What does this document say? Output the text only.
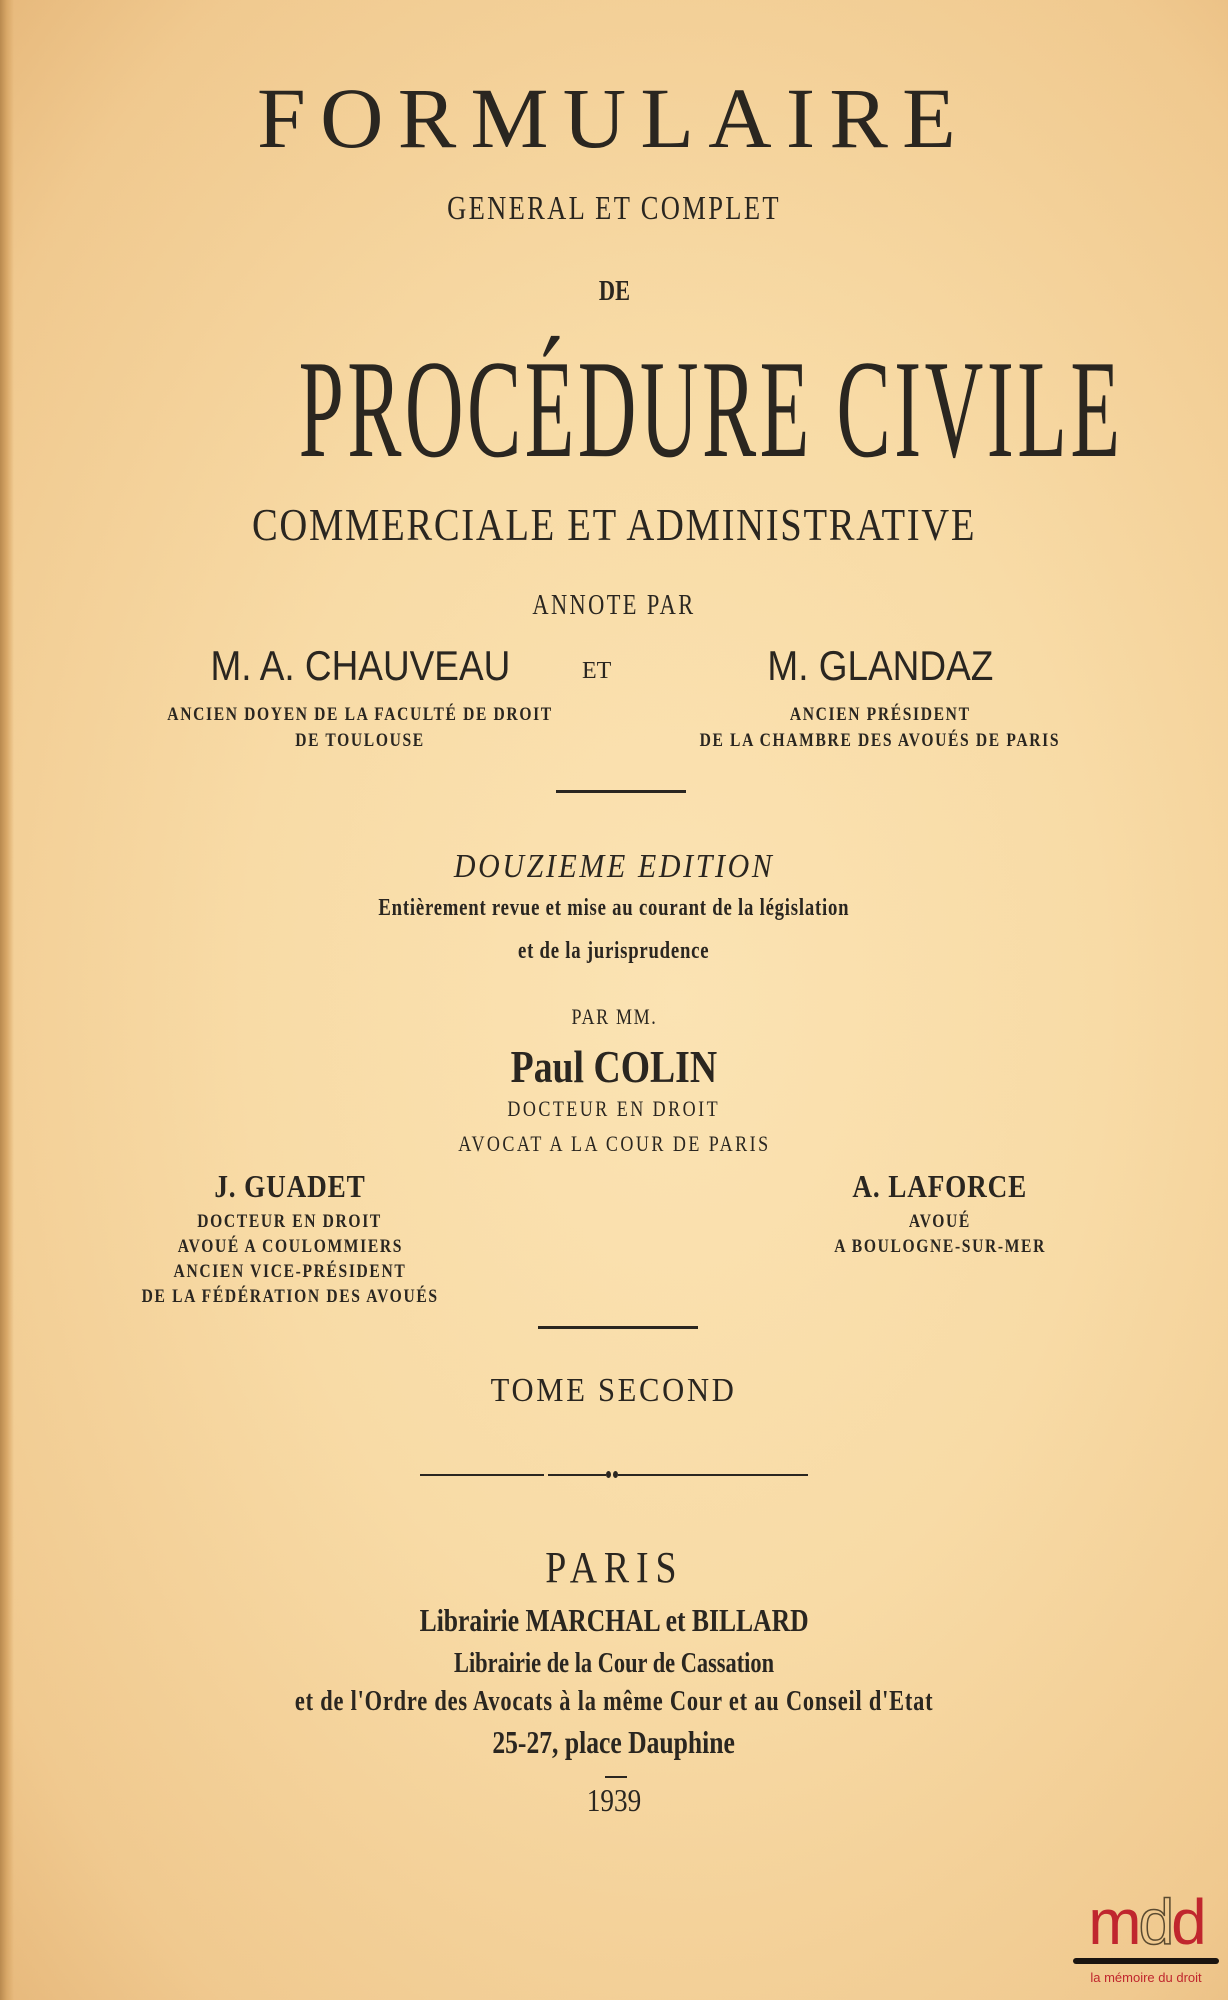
FORMULAIRE
GENERAL ET COMPLET
DE
PROCÉDURE CIVILE
COMMERCIALE ET ADMINISTRATIVE
ANNOTE PAR
M. A. CHAUVEAU
ANCIEN DOYEN DE LA FACULTÉ DE DROIT
DE TOULOUSE
ET	M. GLANDAZ
ANCIEN PRÉSIDENT
DE LA CHAMBRE DES AVOUÉS DE PARIS
DOUZIEME EDITION
Entièrement revue et mise au courant de la législation
et de la jurisprudence
PAR MM.
Paul COLIN
DOCTEUR EN DROIT
AVOCAT A LA COUR DE PARIS
J. GUADET
DOCTEUR EN DROIT
AVOUÉ A COULOMMIERS
ANCIEN VICE-PRÉSIDENT
DE LA FÉDÉRATION DES AVOUÉS
A. LAFORCE
AVOUÉ
A BOULOGNE-SUR-MER
TOME SECOND
PARIS
Librairie MARCHAL et BILLARD
Librairie de la Cour de Cassation
et de l'Ordre des Avocats à la même Cour et au Conseil d'Etat
25-27, place Dauphine
1939
mdd
la mémoire du droit
